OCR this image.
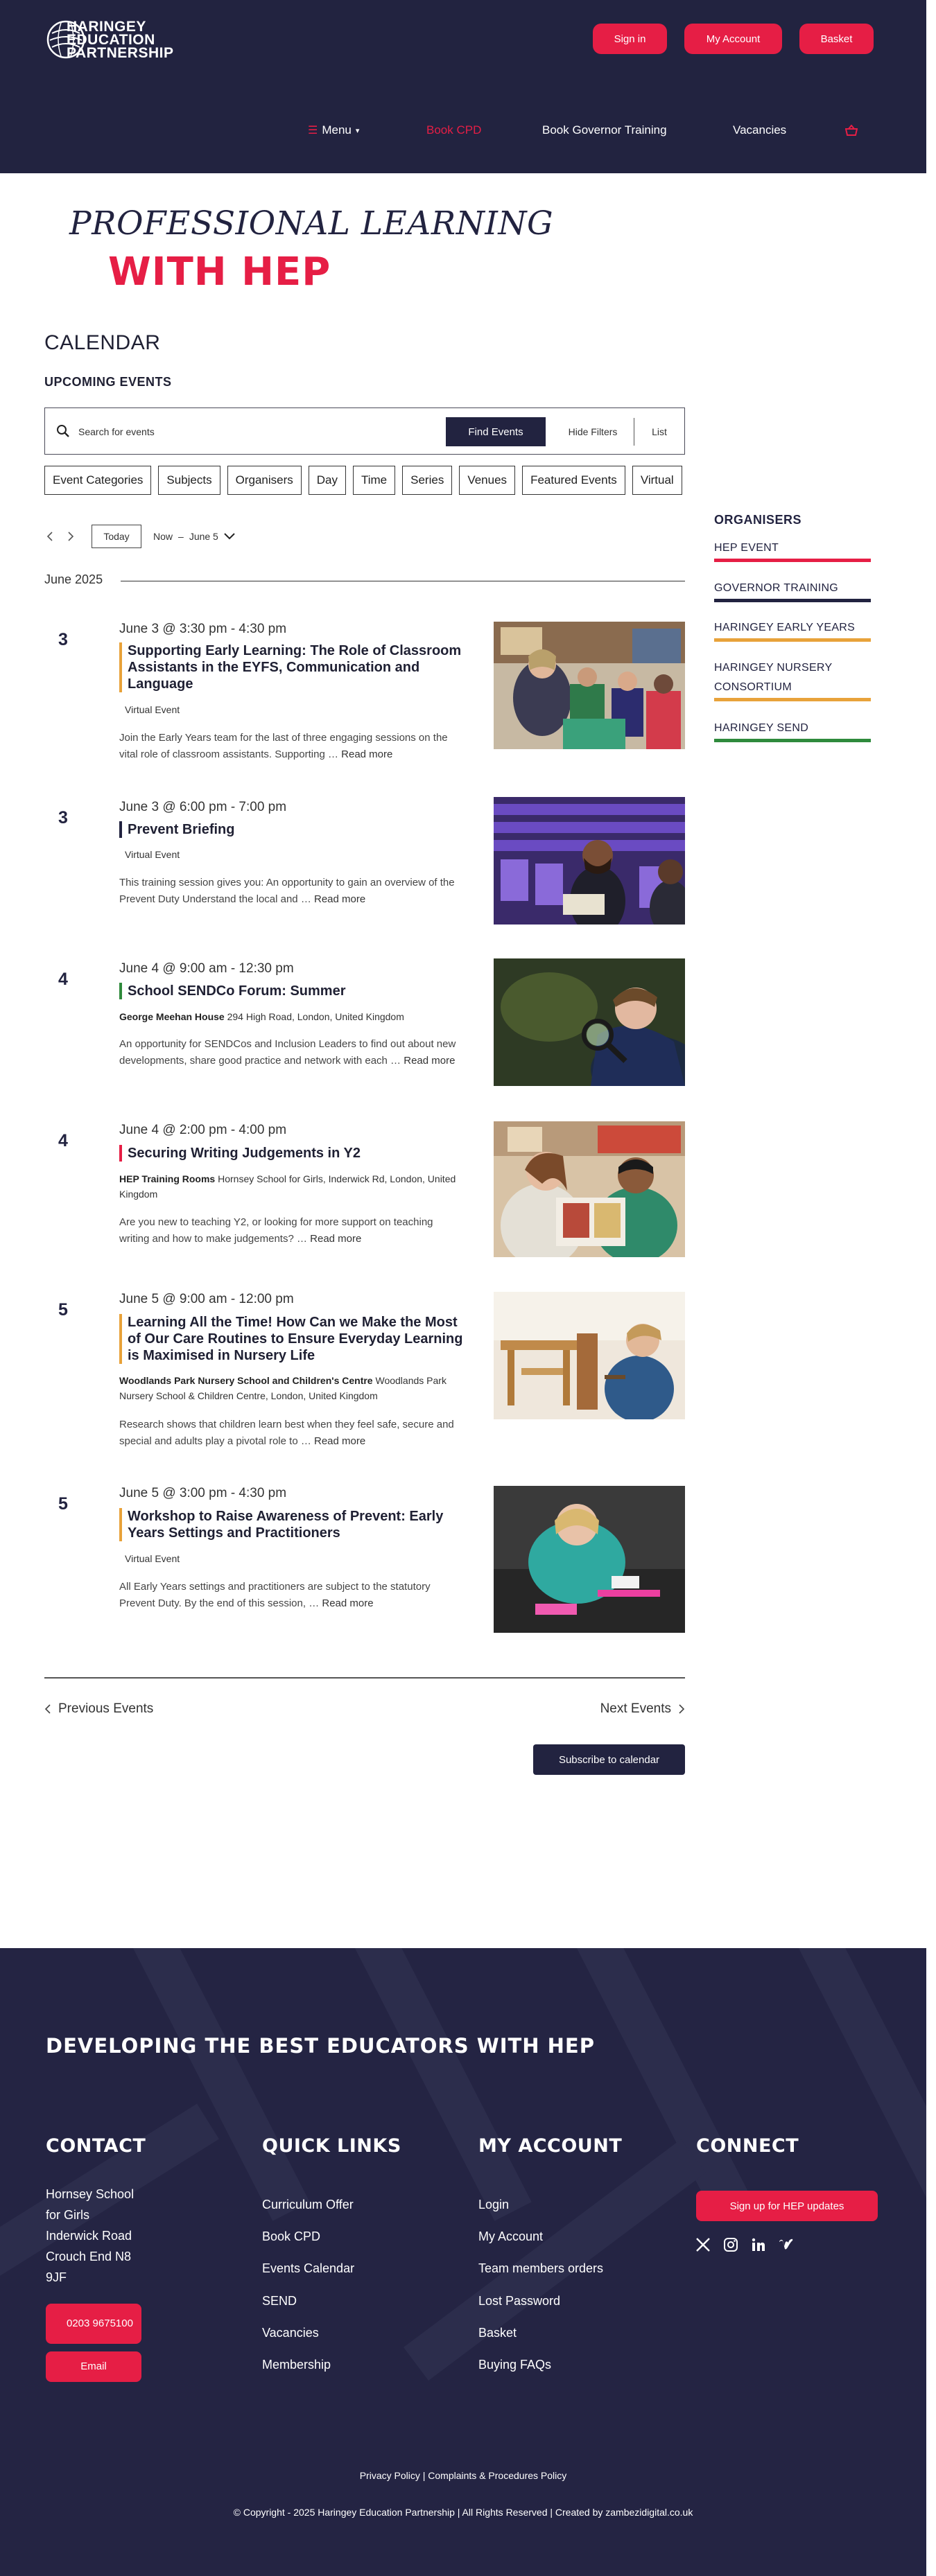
HARINGEY
EDUCATION
PARTNERSHIP
Sign in	My Account	Basket
☰ Menu ▾	Book CPD	Book Governor Training	Vacancies
PROFESSIONAL LEARNING
WITH HEP
CALENDAR
UPCOMING EVENTS
Search for events
Find Events	Hide Filters	List
Event Categories Subjects Organisers Day Time Series Venues Featured Events Virtual
Today	Now – June 5
June 2025
3
June 3 @ 3:30 pm - 4:30 pm
Supporting Early Learning: The Role of Classroom Assistants in the EYFS, Communication and Language
Virtual Event
Join the Early Years team for the last of three engaging sessions on the vital role of classroom assistants. Supporting … Read more
3
June 3 @ 6:00 pm - 7:00 pm
Prevent Briefing
Virtual Event
This training session gives you: An opportunity to gain an overview of the Prevent Duty Understand the local and … Read more
4
June 4 @ 9:00 am - 12:30 pm
School SENDCo Forum: Summer
George Meehan House 294 High Road, London, United Kingdom
An opportunity for SENDCos and Inclusion Leaders to find out about new developments, share good practice and network with each … Read more
4
June 4 @ 2:00 pm - 4:00 pm
Securing Writing Judgements in Y2
HEP Training Rooms Hornsey School for Girls, Inderwick Rd, London, United Kingdom
Are you new to teaching Y2, or looking for more support on teaching writing and how to make judgements? … Read more
5
June 5 @ 9:00 am - 12:00 pm
Learning All the Time! How Can we Make the Most of Our Care Routines to Ensure Everyday Learning is Maximised in Nursery Life
Woodlands Park Nursery School and Children's Centre Woodlands Park Nursery School & Children Centre, London, United Kingdom
Research shows that children learn best when they feel safe, secure and special and adults play a pivotal role to … Read more
5
June 5 @ 3:00 pm - 4:30 pm
Workshop to Raise Awareness of Prevent: Early Years Settings and Practitioners
Virtual Event
All Early Years settings and practitioners are subject to the statutory Prevent Duty. By the end of this session, … Read more
ORGANISERS
HEP EVENT
GOVERNOR TRAINING
HARINGEY EARLY YEARS
HARINGEY NURSERY CONSORTIUM
HARINGEY SEND
Previous Events	Next Events
Subscribe to calendar
DEVELOPING THE BEST EDUCATORS WITH HEP
CONTACT
Hornsey School
for Girls
Inderwick Road
Crouch End N8
9JF
0203 9675100
Email
QUICK LINKS
Curriculum Offer
Book CPD
Events Calendar
SEND
Vacancies
Membership
MY ACCOUNT
Login
My Account
Team members orders
Lost Password
Basket
Buying FAQs
CONNECT
Sign up for HEP updates
Privacy Policy | Complaints & Procedures Policy
© Copyright - 2025 Haringey Education Partnership | All Rights Reserved | Created by zambezidigital.co.uk
